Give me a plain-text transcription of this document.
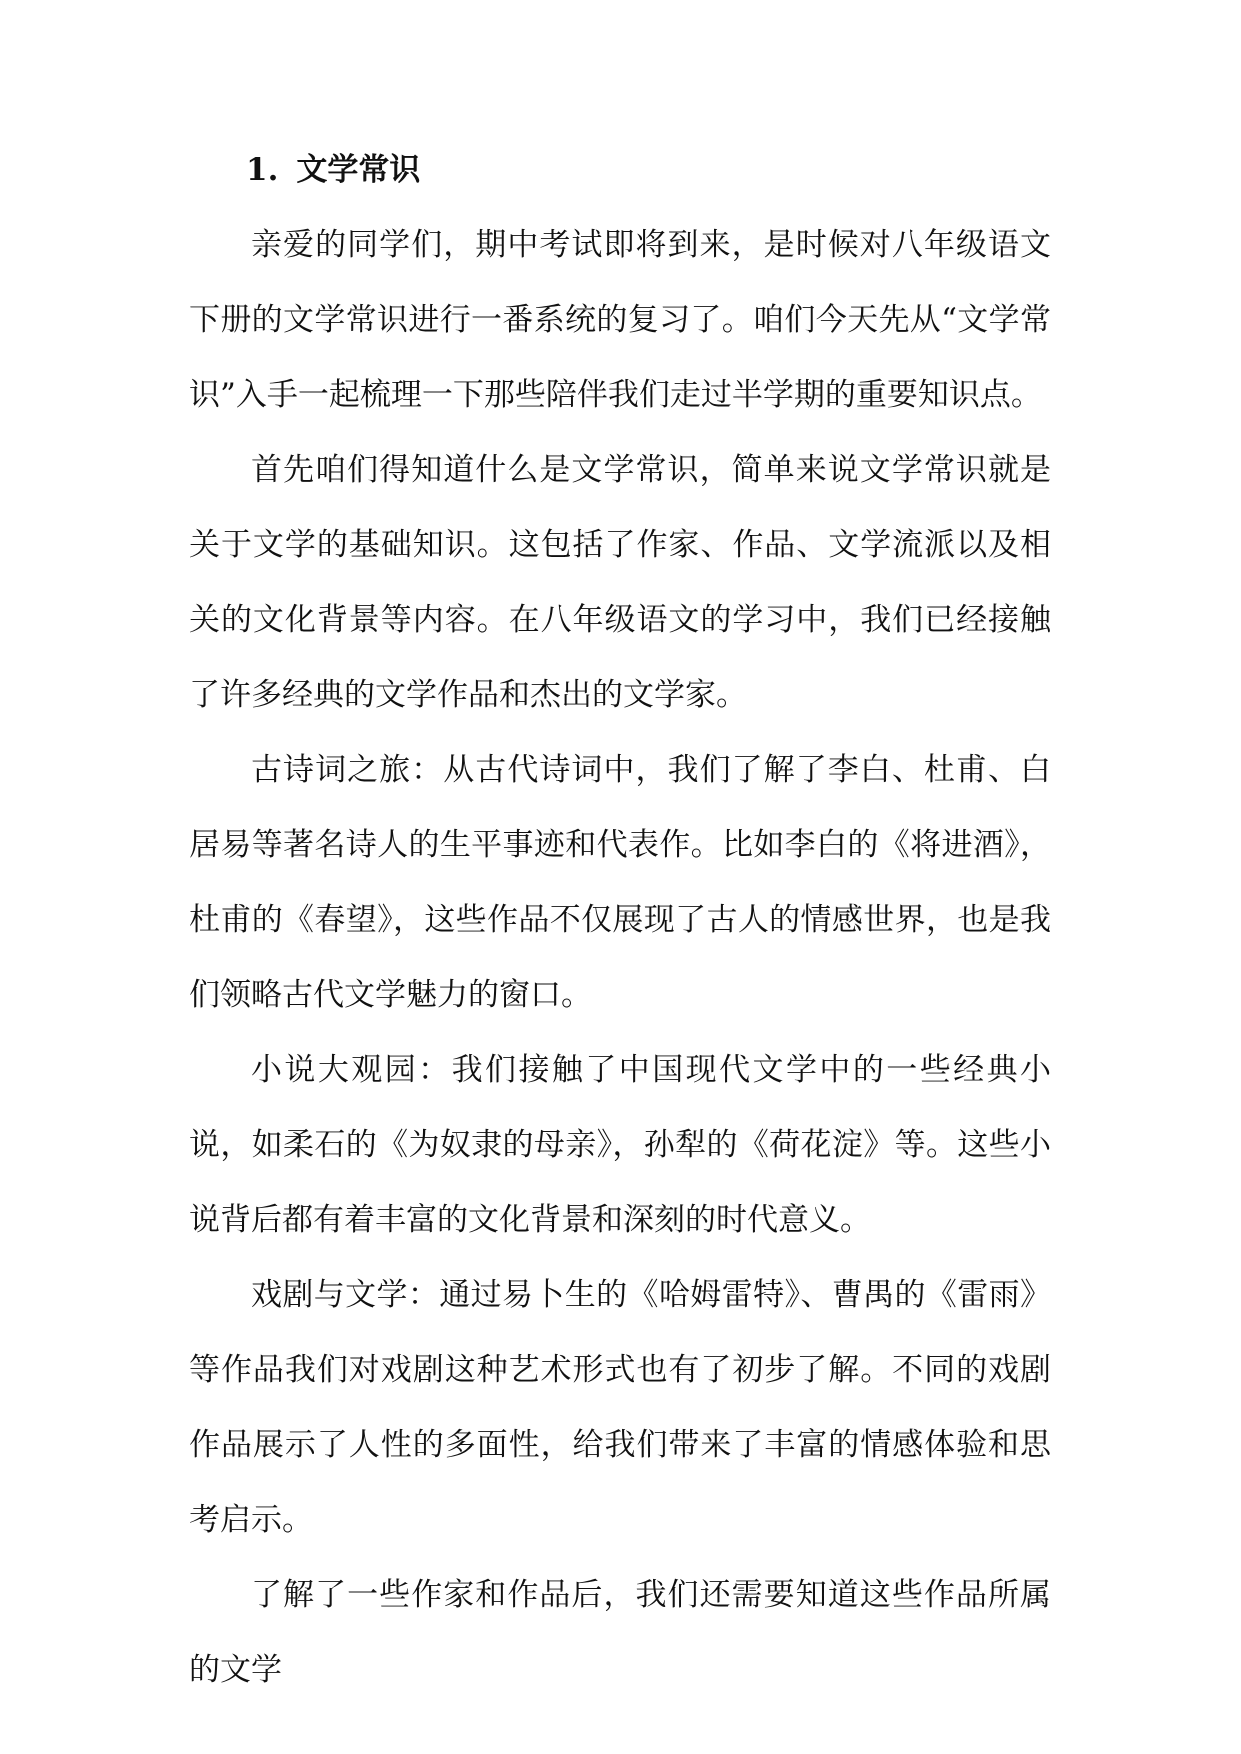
1. 文学常识

亲爱的同学们，期中考试即将到来，是时候对八年级语文下册的文学常识进行一番系统的复习了。咱们今天先从“文学常识”入手一起梳理一下那些陪伴我们走过半学期的重要知识点。

首先咱们得知道什么是文学常识，简单来说文学常识就是关于文学的基础知识。这包括了作家、作品、文学流派以及相关的文化背景等内容。在八年级语文的学习中，我们已经接触了许多经典的文学作品和杰出的文学家。

古诗词之旅：从古代诗词中，我们了解了李白、杜甫、白居易等著名诗人的生平事迹和代表作。比如李白的《将进酒》，杜甫的《春望》，这些作品不仅展现了古人的情感世界，也是我们领略古代文学魅力的窗口。

小说大观园：我们接触了中国现代文学中的一些经典小说，如柔石的《为奴隶的母亲》，孙犁的《荷花淀》等。这些小说背后都有着丰富的文化背景和深刻的时代意义。

戏剧与文学：通过易卜生的《哈姆雷特》、曹禺的《雷雨》等作品我们对戏剧这种艺术形式也有了初步了解。不同的戏剧作品展示了人性的多面性，给我们带来了丰富的情感体验和思考启示。

了解了一些作家和作品后，我们还需要知道这些作品所属的文学
